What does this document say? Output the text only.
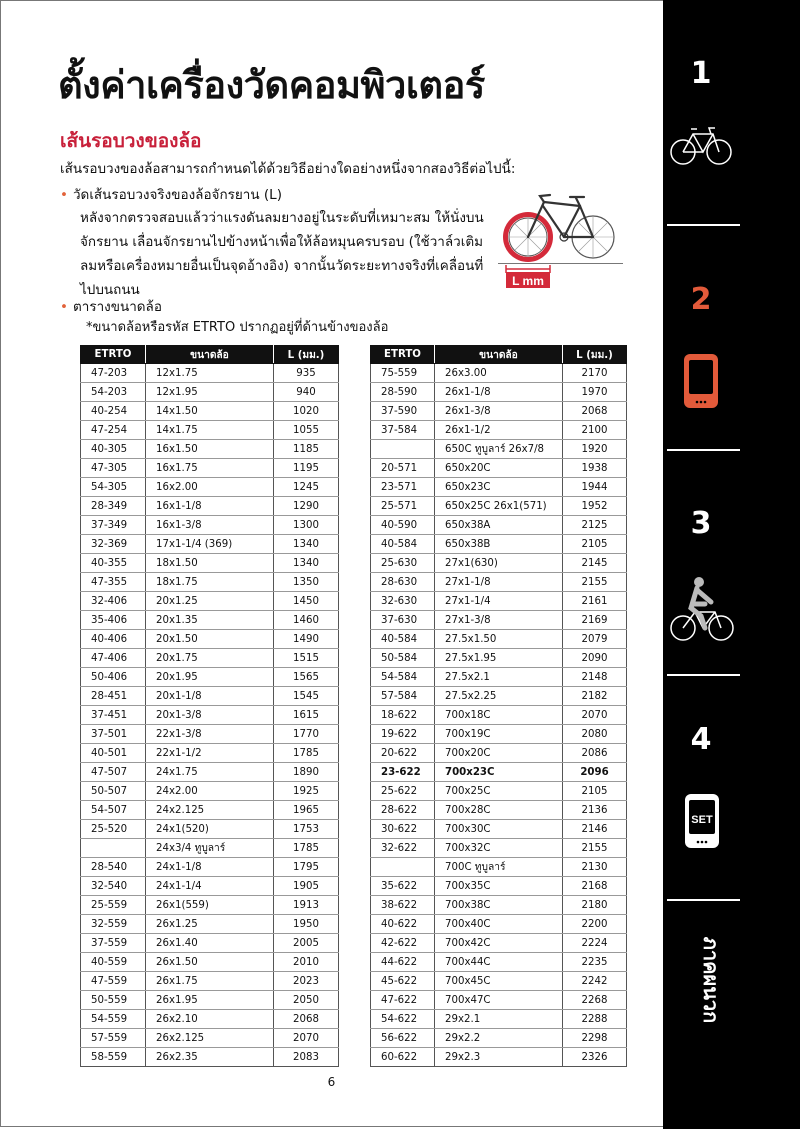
ตั้งค่าเครื่องวัดคอมพิวเตอร์
เส้นรอบวงของล้อ
เส้นรอบวงของล้อสามารถกำหนดได้ด้วยวิธีอย่างใดอย่างหนึ่งจากสองวิธีต่อไปนี้:
• วัดเส้นรอบวงจริงของล้อจักรยาน (L)
หลังจากตรวจสอบแล้วว่าแรงดันลมยางอยู่ในระดับที่เหมาะสม ให้นั่งบน
จักรยาน เลื่อนจักรยานไปข้างหน้าเพื่อให้ล้อหมุนครบรอบ (ใช้วาล์วเติม
ลมหรือเครื่องหมายอื่นเป็นจุดอ้างอิง) จากนั้นวัดระยะทางจริงที่เคลื่อนที่
ไปบนถนน
L mm
• ตารางขนาดล้อ
*ขนาดล้อหรือรหัส ETRTO ปรากฏอยู่ที่ด้านข้างของล้อ
ETRTO	ขนาดล้อ	L (มม.)
47-203	12x1.75	935
54-203	12x1.95	940
40-254	14x1.50	1020
47-254	14x1.75	1055
40-305	16x1.50	1185
47-305	16x1.75	1195
54-305	16x2.00	1245
28-349	16x1-1/8	1290
37-349	16x1-3/8	1300
32-369	17x1-1/4 (369)	1340
40-355	18x1.50	1340
47-355	18x1.75	1350
32-406	20x1.25	1450
35-406	20x1.35	1460
40-406	20x1.50	1490
47-406	20x1.75	1515
50-406	20x1.95	1565
28-451	20x1-1/8	1545
37-451	20x1-3/8	1615
37-501	22x1-3/8	1770
40-501	22x1-1/2	1785
47-507	24x1.75	1890
50-507	24x2.00	1925
54-507	24x2.125	1965
25-520	24x1(520)	1753
	24x3/4 ทูบูลาร์	1785
28-540	24x1-1/8	1795
32-540	24x1-1/4	1905
25-559	26x1(559)	1913
32-559	26x1.25	1950
37-559	26x1.40	2005
40-559	26x1.50	2010
47-559	26x1.75	2023
50-559	26x1.95	2050
54-559	26x2.10	2068
57-559	26x2.125	2070
58-559	26x2.35	2083
ETRTO	ขนาดล้อ	L (มม.)
75-559	26x3.00	2170
28-590	26x1-1/8	1970
37-590	26x1-3/8	2068
37-584	26x1-1/2	2100
	650C ทูบูลาร์ 26x7/8	1920
20-571	650x20C	1938
23-571	650x23C	1944
25-571	650x25C 26x1(571)	1952
40-590	650x38A	2125
40-584	650x38B	2105
25-630	27x1(630)	2145
28-630	27x1-1/8	2155
32-630	27x1-1/4	2161
37-630	27x1-3/8	2169
40-584	27.5x1.50	2079
50-584	27.5x1.95	2090
54-584	27.5x2.1	2148
57-584	27.5x2.25	2182
18-622	700x18C	2070
19-622	700x19C	2080
20-622	700x20C	2086
23-622	700x23C	2096
25-622	700x25C	2105
28-622	700x28C	2136
30-622	700x30C	2146
32-622	700x32C	2155
	700C ทูบูลาร์	2130
35-622	700x35C	2168
38-622	700x38C	2180
40-622	700x40C	2200
42-622	700x42C	2224
44-622	700x44C	2235
45-622	700x45C	2242
47-622	700x47C	2268
54-622	29x2.1	2288
56-622	29x2.2	2298
60-622	29x2.3	2326
6
1
2
3
4
SET
ภาคผนวก
